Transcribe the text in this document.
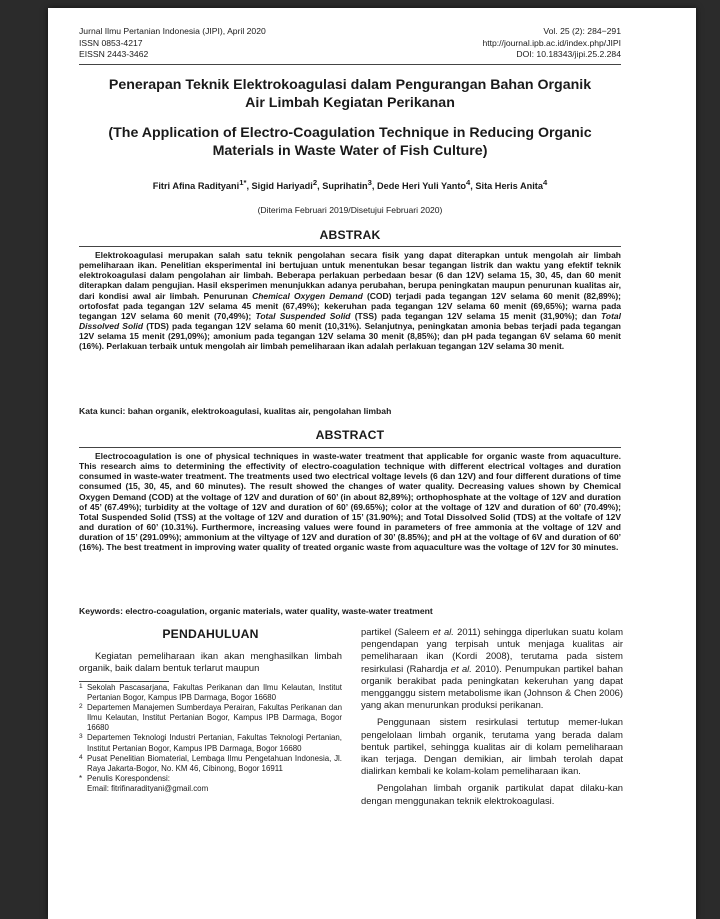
Jurnal Ilmu Pertanian Indonesia (JIPI), April 2020
ISSN 0853-4217
EISSN 2443-3462
Vol. 25 (2): 284−291
http://journal.ipb.ac.id/index.php/JIPI
DOI: 10.18343/jipi.25.2.284
Penerapan Teknik Elektrokoagulasi dalam Pengurangan Bahan Organik
Air Limbah Kegiatan Perikanan
(The Application of Electro-Coagulation Technique in Reducing Organic
Materials in Waste Water of Fish Culture)
Fitri Afina Radityani$^{1*}$, Sigid Hariyadi$^2$, Suprihatin$^3$, Dede Heri Yuli Yanto$^4$, Sita Heris Anita$^4$
(Diterima Februari 2019/Disetujui Februari 2020)
ABSTRAK
Elektrokoagulasi merupakan salah satu teknik pengolahan secara fisik yang dapat diterapkan untuk mengolah air limbah pemeliharaan ikan. Penelitian eksperimental ini bertujuan untuk menentukan besar tegangan listrik dan waktu yang efektif teknik elektrokoagulasi dalam pengolahan air limbah. Beberapa perlakuan perbedaan besar (6 dan 12V) selama 15, 30, 45, dan 60 menit diterapkan dalam pengujian. Hasil eksperimen menunjukkan adanya perubahan, berupa peningkatan maupun penurunan kualitas air, dari kondisi awal air limbah. Penurunan Chemical Oxygen Demand (COD) terjadi pada tegangan 12V selama 60 menit (82,89%); ortofosfat pada tegangan 12V selama 45 menit (67,49%); kekeruhan pada tegangan 12V selama 60 menit (69,65%); warna pada tegangan 12V selama 60 menit (70,49%); Total Suspended Solid (TSS) pada tegangan 12V selama 15 menit (31,90%); dan Total Dissolved Solid (TDS) pada tegangan 12V selama 60 menit (10,31%). Selanjutnya, peningkatan amonia bebas terjadi pada tegangan 12V selama 15 menit (291,09%); amonium pada tegangan 12V selama 30 menit (8,85%); dan pH pada tegangan 6V selama 60 menit (16%). Perlakuan terbaik untuk mengolah air limbah pemeliharaan ikan adalah perlakuan tegangan 12V selama 30 menit.
Kata kunci: bahan organik, elektrokoagulasi, kualitas air, pengolahan limbah
ABSTRACT
Electrocoagulation is one of physical techniques in waste-water treatment that applicable for organic waste from aquaculture. This research aims to determining the effectivity of electro-coagulation technique with different electrical voltages and duration consumed in waste-water treatment. The treatments used two electrical voltage levels (6 dan 12V) and four different durations of time consumed (15, 30, 45, and 60 minutes). The result showed the changes of water quality. Decreasing values shown by Chemical Oxygen Demand (COD) at the voltage of 12V and duration of 60’ (in about 82,89%); orthophosphate at the voltage of 12V and duration of 45’ (67.49%); turbidity at the voltage of 12V and duration of 60’ (69.65%); color at the voltage of 12V and duration of 60’ (70.49%); Total Suspended Solid (TSS) at the voltage of 12V and duration of 15’ (31.90%); and Total Dissolved Solid (TDS) at the voltafe of 12V and duration of 60’ (10.31%). Furthermore, increasing values were found in parameters of free ammonia at the voltage of 12V and duration of 15’ (291.09%); ammonium at the viltyage of 12V and duration of 30’ (8.85%); and pH at the voltage of 6V and duration of 60’ (16%). The best treatment in improving water quality of treated organic waste from aquaculture was the voltage of 12V for 30 minutes.
Keywords: electro-coagulation, organic materials, water quality, waste-water treatment
PENDAHULUAN

Kegiatan pemeliharaan ikan akan menghasilkan limbah organik, baik dalam bentuk terlarut maupun

1 Sekolah Pascasarjana, Fakultas Perikanan dan Ilmu Kelautan, Institut Pertanian Bogor, Kampus IPB Darmaga, Bogor 16680
2 Departemen Manajemen Sumberdaya Perairan, Fakultas Perikanan dan Ilmu Kelautan, Institut Pertanian Bogor, Kampus IPB Darmaga, Bogor 16680
3 Departemen Teknologi Industri Pertanian, Fakultas Teknologi Pertanian, Institut Pertanian Bogor, Kampus IPB Darmaga, Bogor 16680
4 Pusat Penelitian Biomaterial, Lembaga Ilmu Pengetahuan Indonesia, Jl. Raya Jakarta-Bogor, No. KM 46, Cibinong, Bogor 16911
* Penulis Korespondensi:
Email: fitrifinaradityani@gmail.com

partikel (Saleem et al. 2011) sehingga diperlukan suatu kolam pengendapan yang terpisah untuk menjaga kualitas air pemeliharaan ikan (Kordi 2008), terutama pada sistem resirkulasi (Rahardja et al. 2010). Penumpukan partikel bahan organik berakibat pada peningkatan kekeruhan yang dapat mengganggu sistem metabolisme ikan (Johnson & Chen 2006) yang akan menurunkan produksi perikanan.

Penggunaan sistem resirkulasi tertutup memer-lukan pengelolaan limbah organik, terutama yang berada dalam bentuk partikel, sehingga kualitas air di kolam pemeliharaan ikan terjaga. Dengan demikian, air limbah terolah dapat dialirkan kembali ke kolam-kolam pemeliharaan ikan.

Pengolahan limbah organik partikulat dapat dilaku-kan dengan menggunakan teknik elektrokoagulasi.
